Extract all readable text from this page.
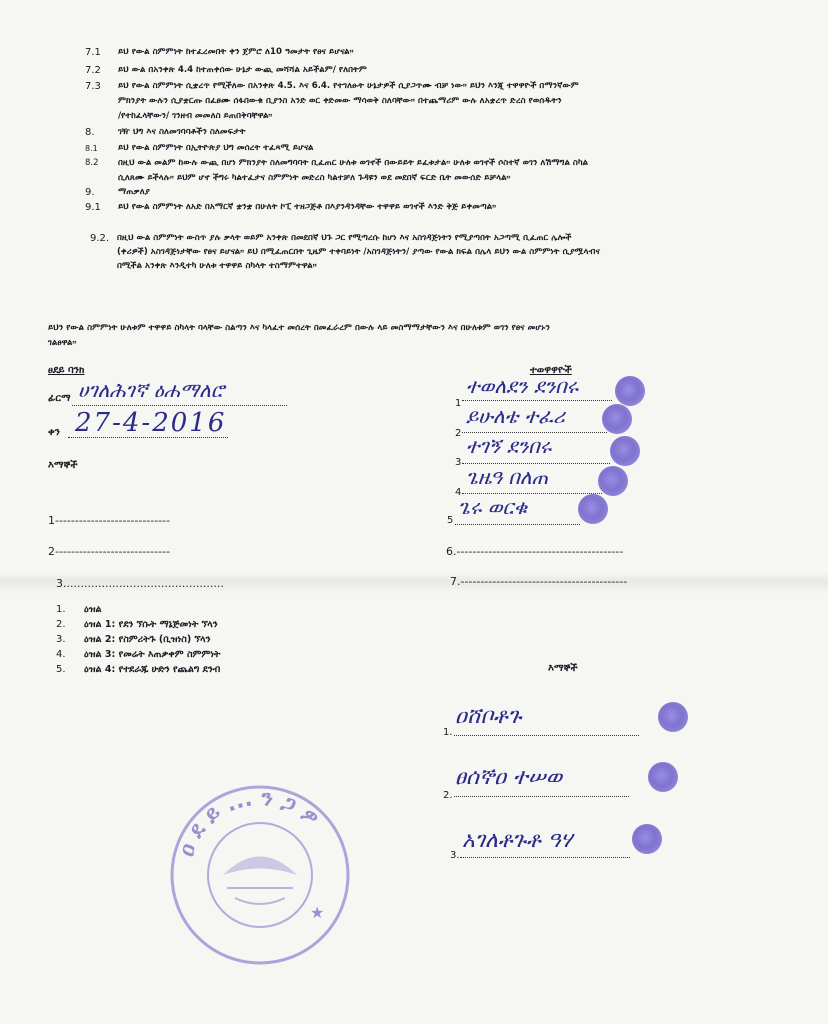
7.1 ይህ የውል ስምምነት ከተፈረመበት ቀን ጀምሮ ለ10 ዓመታት የፀና ይሆናል።
7.2 ይህ ውል በአንቀጽ 4.4 ከተጠቀሰው ሁኔታ ውጪ መሻሻል አይችልም/ የለበትም
7.3 ይህ የውል ስምምነት ሲቋረጥ የሚችለው በአንቀጽ 4.5. እና 6.4. የተገለፁት ሁኔታዎች ሲያጋጥሙ ብቻ ነው። ይህን እንጂ ተዋዋዮች በማንኛውም
ምክንያት ውሉን ሲያቋርጡ በፈፀሙ ሰፋበውቁ ቢያንስ አንድ ወር ቀድመው ማሳወቅ ስለባቸው። በተጨማሪም ውሉ ለአቋረጥ ድረስ የወሰዱትን
/የተከፈላቸውን/ ገንዘብ መመለስ ይጠበቅባቸዋል።
8.	ገዥ ህግ እና ስለመገባባቶችን ስለመፍታት
8.1 ይህ የውል ስምምነት በኢትዮጵያ ህግ መሰረት ተፈጻሚ ይሆናል
8.2 በዚህ ውል መልም ከውሉ ውጪ በሆነ ምክንያት ስለመግባባት ቢፈጠር ሁለቱ ወገኖች በውይይት ይፈቱታል። ሁለቱ ወገኖች ሶስተኛ ወገን ለሽማግል ስካል
ሲለጸሙ ይችላሉ። ይህም ሆኖ ችግሩ ካልተፈታና ስምምነት መድረስ ካልተቻለ ጉዳዩን ወደ መደበኛ ፍርድ ቤት መውሰድ ይቻላል።
9.	ማጠቃለያ
9.1 ይህ የውል ስምምነት ለአድ በአማርኛ ቋንቋ በሁለት ኮፒ ተዘጋጅቶ በእያንዳንዳቸው ተዋዋይ ወገኖች እንድ ቅጅ ይቀመጣል።
9.2. በዚህ ውል ስምምነት ውስጥ ያሉ ቃላት ወይም አንቀጽ በመደበኛ ህጉ ጋር የሚጣረሱ ከሆነ እና አስገዳጅነትን የሚያጣበት አጋጣሚ ቢፈጠር ሌሎች
(ቀሪዎች) አስገዳጅነታቸው የፀና ይሆናል። ይህ በሚፈጠርበት ጊዜም ተቀባይነት /አስገዳጅነትን/ ያጣው የውል ክፍል በሌላ ይህን ውል ስምምነት ሲያሟላብና
በሚችል አንቀጽ እንዲተካ ሁለቱ ተዋዋይ ስካላት ተስማምተዋል።
ይህን የውል ስምምነት ሁለቱም ተዋዋይ ስካላት ባላቸው ስልጣን እና ካላፈተ መሰረት በመፈራረም በውሉ ላይ መስማማታቸውን እና በሁለቱም ወገን የፀና መሆኑን
ገልፀዋል።
ፀደይ ባንክ
ፊርማ ሀገለሕገኛ ዕሐማለሮ
ቀን 27-4-2016
እማኞች
1-----------------------------
2-----------------------------
3..............................................
ተወዋዋዮች
1
ተወለደን ደንበሩ
2
ይሁለቴ ተፈሪ
3
ተገኝ ደንበሩ
4
ጌዜዓ በለጠ
5
ጌሩ ወርቁ
6.------------------------------------------
7.------------------------------------------
1. ዕዝል
2. ዕዝል 1: የደን ኘሱት ማኔጅመነት ኘላን
3. ዕዝል 2: የስምሪትጉ (ቢዝነስ) ኘላን
4. ዕዝል 3: የመሬት እጠቃቀም ስምምነት
5. ዕዝል 4: የተደራጁ ሁድን የጨልግ ደንብ	እማኞች
1.
ዐሸቦቶጉ
2.
ፀሰኞዐ ተሠወ
3.
አገለቶጉቶ ዓሃ
ዐ ደ ይ ... ን ጋ ዎ
★
